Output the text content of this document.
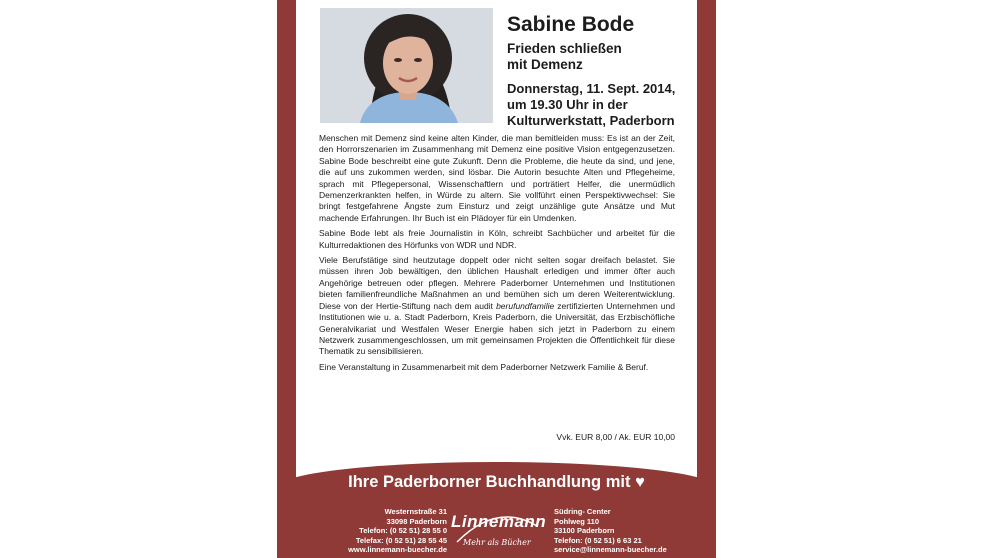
Sabine Bode
Frieden schließen
mit Demenz
Donnerstag, 11. Sept. 2014,
um 19.30 Uhr in der
Kulturwerkstatt, Paderborn

Menschen mit Demenz sind keine alten Kinder, die man bemitleiden muss: Es ist an der Zeit, den Horrorszenarien im Zusammenhang mit Demenz eine positive Vision entgegenzusetzen. Sabine Bode beschreibt eine gute Zukunft. Denn die Probleme, die heute da sind, und jene, die auf uns zukommen werden, sind lösbar. Die Autorin besuchte Alten und Pflegeheime, sprach mit Pflegepersonal, Wissenschaftlern und porträtiert Helfer, die unermüdlich Demenzerkrankten helfen, in Würde zu altern. Sie vollführt einen Perspektivwechsel: Sie bringt festgefahrene Ängste zum Einsturz und zeigt unzählige gute Ansätze und Mut machende Erfahrungen. Ihr Buch ist ein Plädoyer für ein Umdenken.

Sabine Bode lebt als freie Journalistin in Köln, schreibt Sachbücher und arbeitet für die Kulturredaktionen des Hörfunks von WDR und NDR.

Viele Berufstätige sind heutzutage doppelt oder nicht selten sogar dreifach belastet. Sie müssen ihren Job bewältigen, den üblichen Haushalt erledigen und immer öfter auch Angehörige betreuen oder pflegen. Mehrere Paderborner Unternehmen und Institutionen bieten familienfreundliche Maßnahmen an und bemühen sich um deren Weiterentwicklung. Diese von der Hertie-Stiftung nach dem audit berufundfamilie zertifizierten Unternehmen und Institutionen wie u. a. Stadt Paderborn, Kreis Paderborn, die Universität, das Erzbischöfliche Generalvikariat und Westfalen Weser Energie haben sich jetzt in Paderborn zu einem Netzwerk zusammengeschlossen, um mit gemeinsamen Projekten die Öffentlichkeit für diese Thematik zu sensibilisieren.

Eine Veranstaltung in Zusammenarbeit mit dem Paderborner Netzwerk Familie & Beruf.

Vvk. EUR 8,00 / Ak. EUR 10,00
Ihre Paderborner Buchhandlung mit ♥
Westernstraße 31
33098 Paderborn
Telefon: (0 52 51) 28 55 0
Telefax: (0 52 51) 28 55 45
www.linnemann-buecher.de
Linnemann
Mehr als Bücher
Südring- Center
Pohlweg 110
33100 Paderborn
Telefon: (0 52 51) 6 63 21
service@linnemann-buecher.de
